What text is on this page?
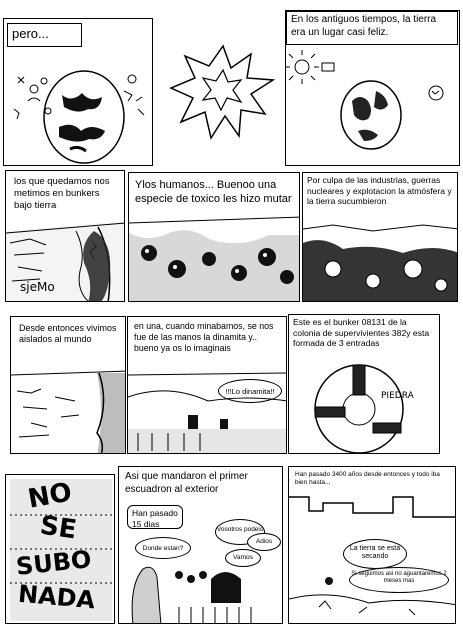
pero...
En los antiguos tiempos, la tierra era un lugar casi feliz.
los que quedamos nos metimos en bunkers bajo tierra
sjeMo
Ylos humanos... Buenoo una especie de toxico les hizo mutar
Por culpa de las industrias, guerras nucleares y explotacion la atmósfera y la tierra sucumbieron
Desde entonces vivimos aislados al mundo
en una, cuando minabamos, se nos fue de las manos la dinamita y.. bueno ya os lo imaginais
!!!Lo dinamita!!
Este es el bunker 08131 de la colonia de supervivientes 382y esta formada de 3 entradas
PIEDRA
NO
SE
SUBO
NADA
Asi que mandaron el primer escuadron al exterior
Han pasado 15 dias
Donde estan?
Vosotros podeis
Adios
Vamos
Han pasado 3400 años desde entonces y todo iba bien hasta...
La tierra se esta secando
Si seguimos asi no aguantaremos 2 meses mas
